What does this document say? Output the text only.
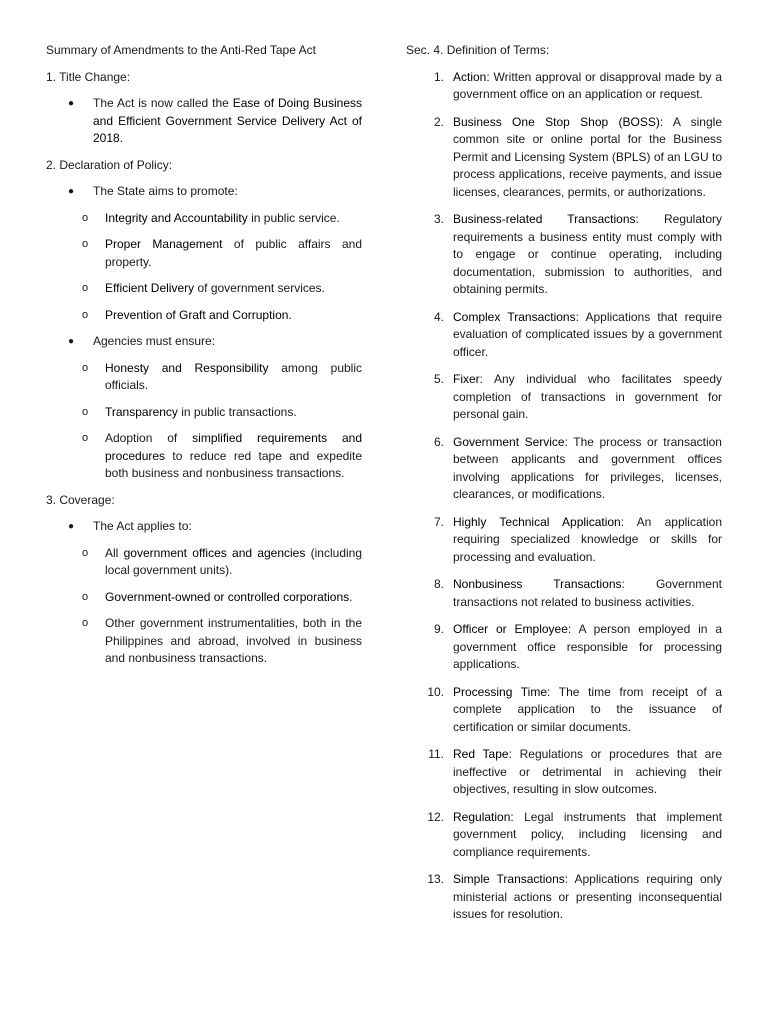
Summary of Amendments to the Anti-Red Tape Act

1. Title Change:

● The Act is now called the Ease of Doing Business and Efficient Government Service Delivery Act of 2018.

2. Declaration of Policy:

● The State aims to promote:
o Integrity and Accountability in public service.
o Proper Management of public affairs and property.
o Efficient Delivery of government services.
o Prevention of Graft and Corruption.
● Agencies must ensure:
o Honesty and Responsibility among public officials.
o Transparency in public transactions.
o Adoption of simplified requirements and procedures to reduce red tape and expedite both business and nonbusiness transactions.

3. Coverage:

● The Act applies to:
o All government offices and agencies (including local government units).
o Government-owned or controlled corporations.
o Other government instrumentalities, both in the Philippines and abroad, involved in business and nonbusiness transactions.

Sec. 4. Definition of Terms:

1. Action: Written approval or disapproval made by a government office on an application or request.
2. Business One Stop Shop (BOSS): A single common site or online portal for the Business Permit and Licensing System (BPLS) of an LGU to process applications, receive payments, and issue licenses, clearances, permits, or authorizations.
3. Business-related Transactions: Regulatory requirements a business entity must comply with to engage or continue operating, including documentation, submission to authorities, and obtaining permits.
4. Complex Transactions: Applications that require evaluation of complicated issues by a government officer.
5. Fixer: Any individual who facilitates speedy completion of transactions in government for personal gain.
6. Government Service: The process or transaction between applicants and government offices involving applications for privileges, licenses, clearances, or modifications.
7. Highly Technical Application: An application requiring specialized knowledge or skills for processing and evaluation.
8. Nonbusiness Transactions: Government transactions not related to business activities.
9. Officer or Employee: A person employed in a government office responsible for processing applications.
10. Processing Time: The time from receipt of a complete application to the issuance of certification or similar documents.
11. Red Tape: Regulations or procedures that are ineffective or detrimental in achieving their objectives, resulting in slow outcomes.
12. Regulation: Legal instruments that implement government policy, including licensing and compliance requirements.
13. Simple Transactions: Applications requiring only ministerial actions or presenting inconsequential issues for resolution.
